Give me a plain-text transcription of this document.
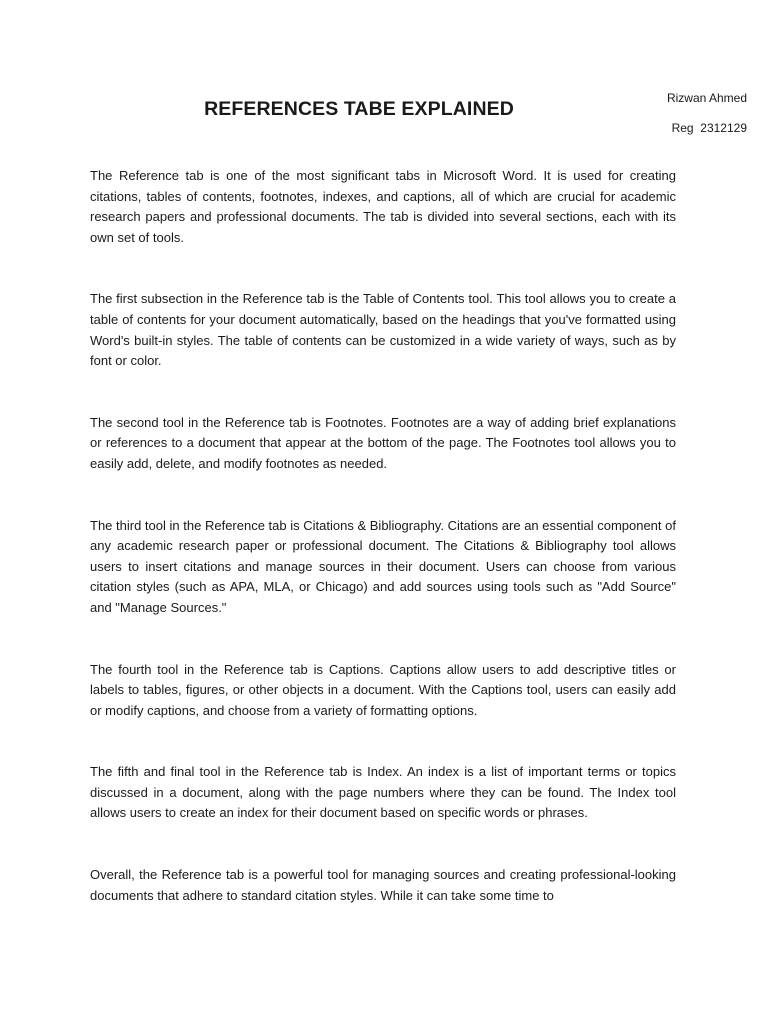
Rizwan Ahmed
Reg  2312129
REFERENCES TABE EXPLAINED

The Reference tab is one of the most significant tabs in Microsoft Word. It is used for creating citations, tables of contents, footnotes, indexes, and captions, all of which are crucial for academic research papers and professional documents. The tab is divided into several sections, each with its own set of tools.

The first subsection in the Reference tab is the Table of Contents tool. This tool allows you to create a table of contents for your document automatically, based on the headings that you've formatted using Word's built-in styles. The table of contents can be customized in a wide variety of ways, such as by font or color.

The second tool in the Reference tab is Footnotes. Footnotes are a way of adding brief explanations or references to a document that appear at the bottom of the page. The Footnotes tool allows you to easily add, delete, and modify footnotes as needed.

The third tool in the Reference tab is Citations & Bibliography. Citations are an essential component of any academic research paper or professional document. The Citations & Bibliography tool allows users to insert citations and manage sources in their document. Users can choose from various citation styles (such as APA, MLA, or Chicago) and add sources using tools such as "Add Source" and "Manage Sources."

The fourth tool in the Reference tab is Captions. Captions allow users to add descriptive titles or labels to tables, figures, or other objects in a document. With the Captions tool, users can easily add or modify captions, and choose from a variety of formatting options.

The fifth and final tool in the Reference tab is Index. An index is a list of important terms or topics discussed in a document, along with the page numbers where they can be found. The Index tool allows users to create an index for their document based on specific words or phrases.

Overall, the Reference tab is a powerful tool for managing sources and creating professional-looking documents that adhere to standard citation styles. While it can take some time to
